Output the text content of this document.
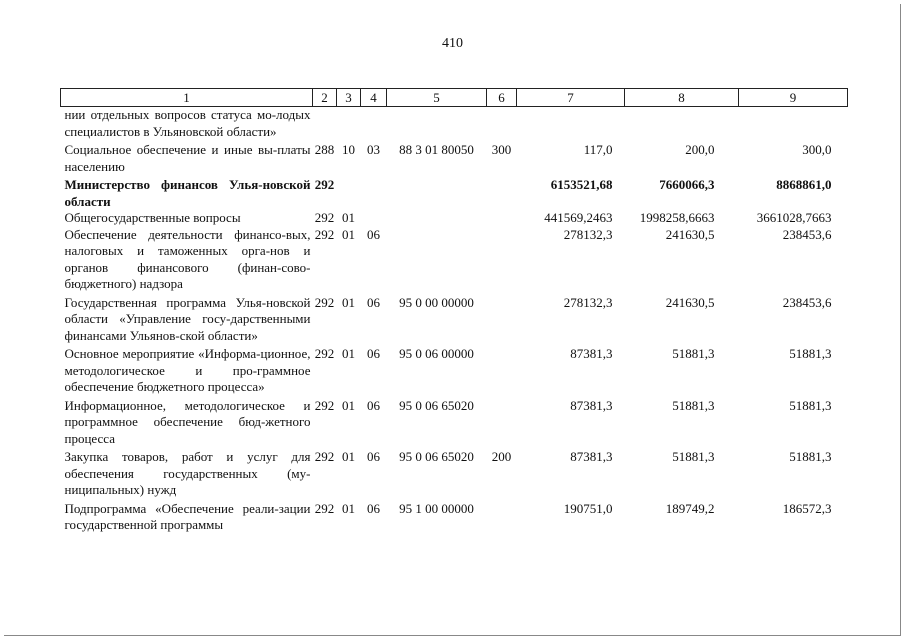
410
1	2	3	4	5	6	7	8	9
нии отдельных вопросов статуса мо-лодых специалистов в Ульяновской области»								
Социальное обеспечение и иные вы-платы населению	288	10	03	88 3 01 80050	300	117,0	200,0	300,0
Министерство финансов Улья-новской области	292					6153521,68	7660066,3	8868861,0
Общегосударственные вопросы	292	01				441569,2463	1998258,6663	3661028,7663
Обеспечение деятельности финансо-вых, налоговых и таможенных орга-нов и органов финансового (финан-сово-бюджетного) надзора	292	01	06			278132,3	241630,5	238453,6
Государственная программа Улья-новской области «Управление госу-дарственными финансами Ульянов-ской области»	292	01	06	95 0 00 00000		278132,3	241630,5	238453,6
Основное мероприятие «Информа-ционное, методологическое и про-граммное обеспечение бюджетного процесса»	292	01	06	95 0 06 00000		87381,3	51881,3	51881,3
Информационное, методологическое и программное обеспечение бюд-жетного процесса	292	01	06	95 0 06 65020		87381,3	51881,3	51881,3
Закупка товаров, работ и услуг для обеспечения государственных (му-ниципальных) нужд	292	01	06	95 0 06 65020	200	87381,3	51881,3	51881,3
Подпрограмма «Обеспечение реали-зации государственной программы	292	01	06	95 1 00 00000		190751,0	189749,2	186572,3
